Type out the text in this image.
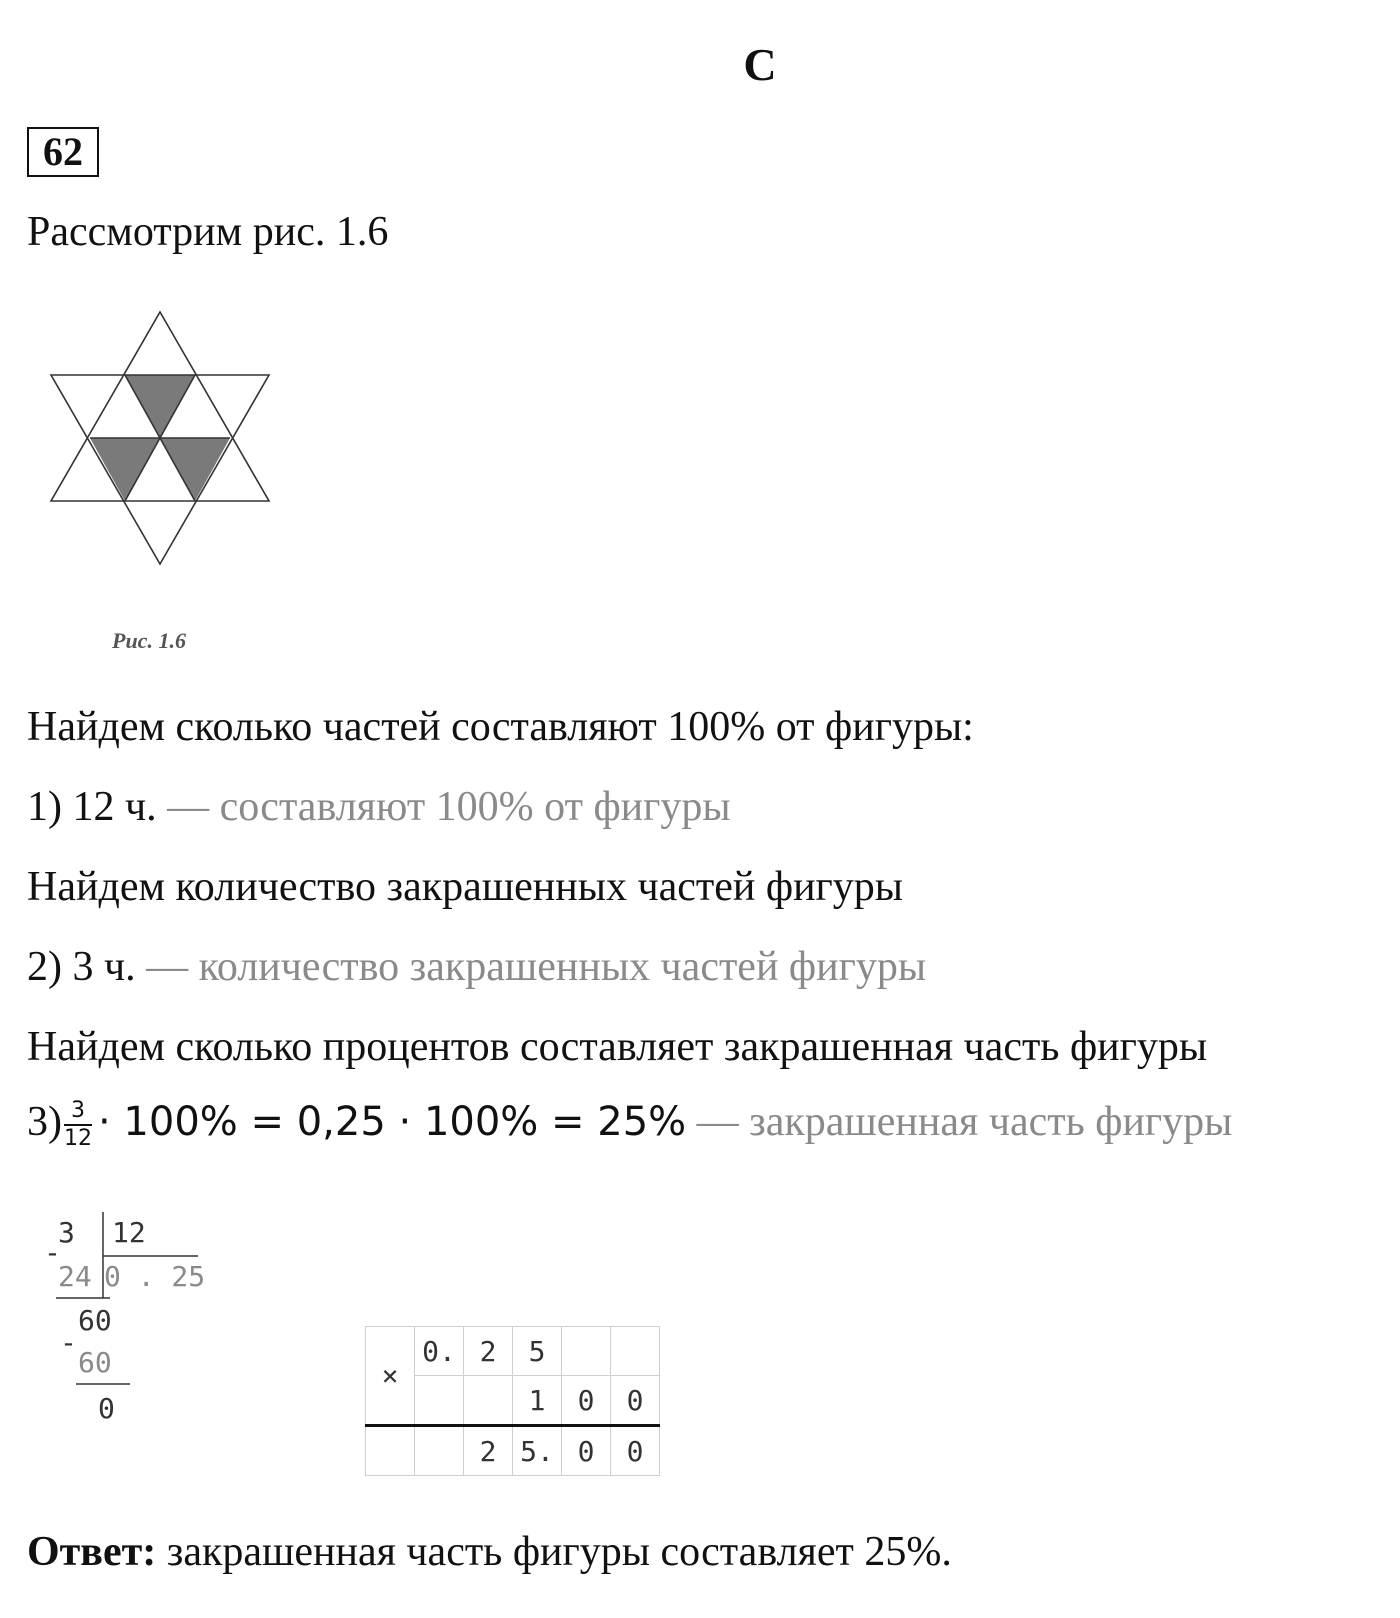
С
62
Рассмотрим рис. 1.6
Рис. 1.6
Найдем сколько частей составляют 100% от фигуры:
1) 12 ч. — составляют 100% от фигуры
Найдем количество закрашенных частей фигуры
2) 3 ч. — количество закрашенных частей фигуры
Найдем сколько процентов составляет закрашенная часть фигуры
$3) \frac{3}{12} \cdot 100\% = 0,25 \cdot 100\% = 25\%$ — закрашенная часть фигуры
3 12
-
24 0 . 25
60
-
60
0
×	0.	2	5		
			1	0	0
		2	5.	0	0
Ответ: закрашенная часть фигуры составляет 25%.
